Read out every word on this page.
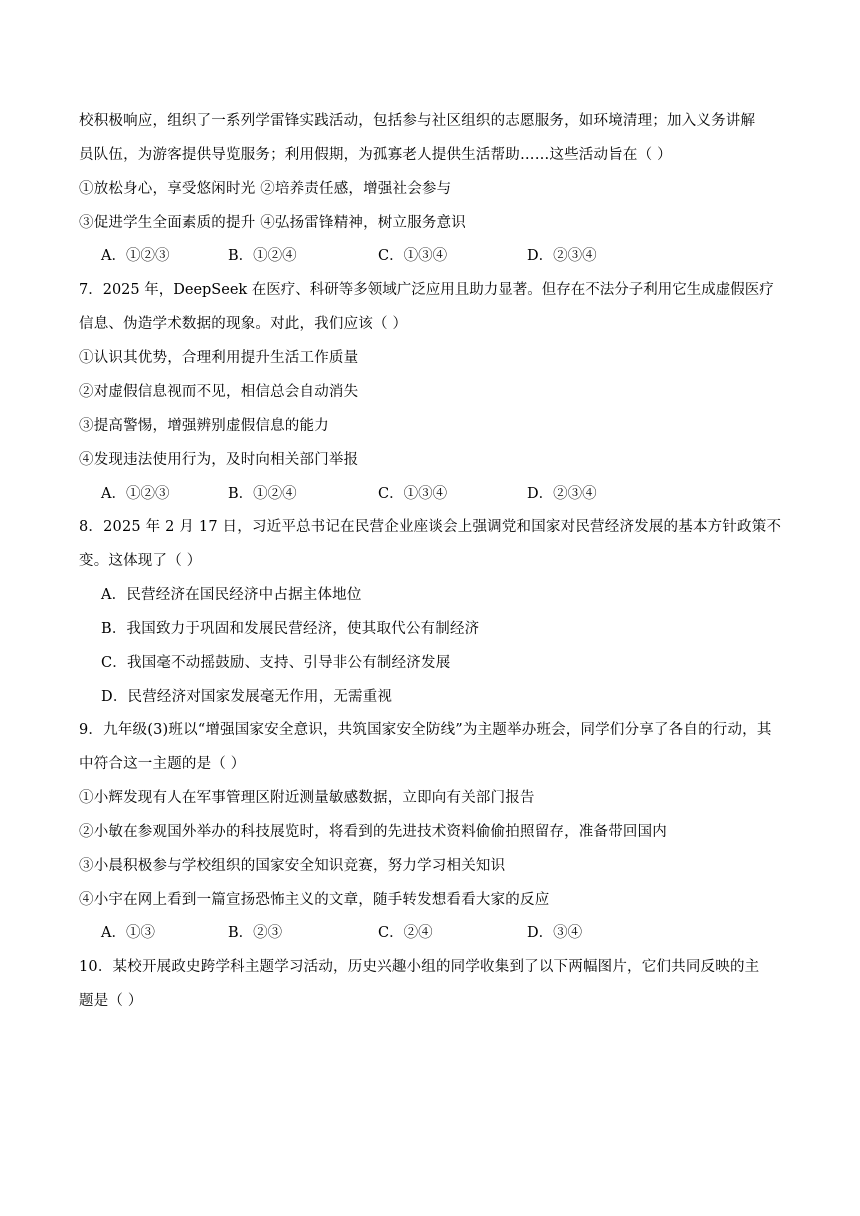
校积极响应，组织了一系列学雷锋实践活动，包括参与社区组织的志愿服务，如环境清理；加入义务讲解
员队伍，为游客提供导览服务；利用假期，为孤寡老人提供生活帮助……这些活动旨在（ ）
①放松身心，享受悠闲时光 ②培养责任感，增强社会参与
③促进学生全面素质的提升 ④弘扬雷锋精神，树立服务意识
A．①②③	B．①②④	C．①③④	D．②③④
7．2025 年，DeepSeek 在医疗、科研等多领域广泛应用且助力显著。但存在不法分子利用它生成虚假医疗
信息、伪造学术数据的现象。对此，我们应该（ ）
①认识其优势，合理利用提升生活工作质量
②对虚假信息视而不见，相信总会自动消失
③提高警惕，增强辨别虚假信息的能力
④发现违法使用行为，及时向相关部门举报
A．①②③	B．①②④	C．①③④	D．②③④
8．2025 年 2 月 17 日，习近平总书记在民营企业座谈会上强调党和国家对民营经济发展的基本方针政策不
变。这体现了（ ）
A．民营经济在国民经济中占据主体地位
B．我国致力于巩固和发展民营经济，使其取代公有制经济
C．我国毫不动摇鼓励、支持、引导非公有制经济发展
D．民营经济对国家发展毫无作用，无需重视
9．九年级(3)班以“增强国家安全意识，共筑国家安全防线”为主题举办班会，同学们分享了各自的行动，其
中符合这一主题的是（ ）
①小辉发现有人在军事管理区附近测量敏感数据，立即向有关部门报告
②小敏在参观国外举办的科技展览时，将看到的先进技术资料偷偷拍照留存，准备带回国内
③小晨积极参与学校组织的国家安全知识竞赛，努力学习相关知识
④小宇在网上看到一篇宣扬恐怖主义的文章，随手转发想看看大家的反应
A．①③	B．②③	C．②④	D．③④
10．某校开展政史跨学科主题学习活动，历史兴趣小组的同学收集到了以下两幅图片，它们共同反映的主
题是（ ）
